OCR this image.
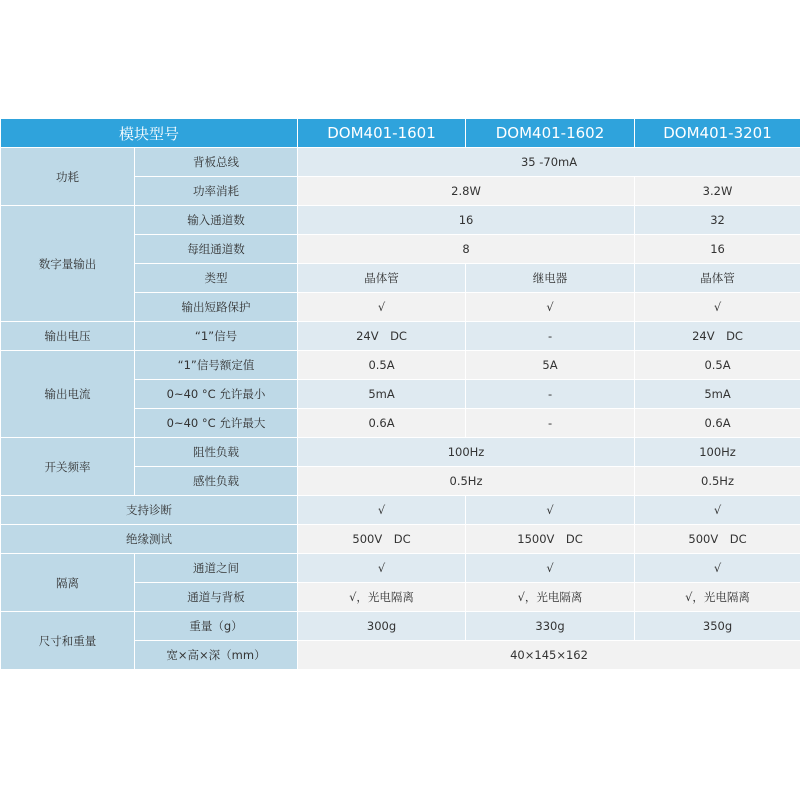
模块型号		DOM401-1601	DOM401-1602	DOM401-3201
功耗	背板总线	35 -70mA		
	功率消耗	2.8W		3.2W
数字量输出	输入通道数	16		32
	每组通道数	8		16
	类型	晶体管	继电器	晶体管
	输出短路保护	√	√	√
输出电压	“1”信号	24V　DC	-	24V　DC
输出电流	“1”信号额定值	0.5A	5A	0.5A
	0~40 °C 允许最小	5mA	-	5mA
	0~40 °C 允许最大	0.6A	-	0.6A
开关频率	阻性负载	100Hz		100Hz
	感性负载	0.5Hz		0.5Hz
支持诊断		√	√	√
绝缘测试		500V　DC	1500V　DC	500V　DC
隔离	通道之间	√	√	√
	通道与背板	√，光电隔离	√，光电隔离	√，光电隔离
尺寸和重量	重量（g）	300g	330g	350g
	宽×高×深（mm）	40×145×162		
